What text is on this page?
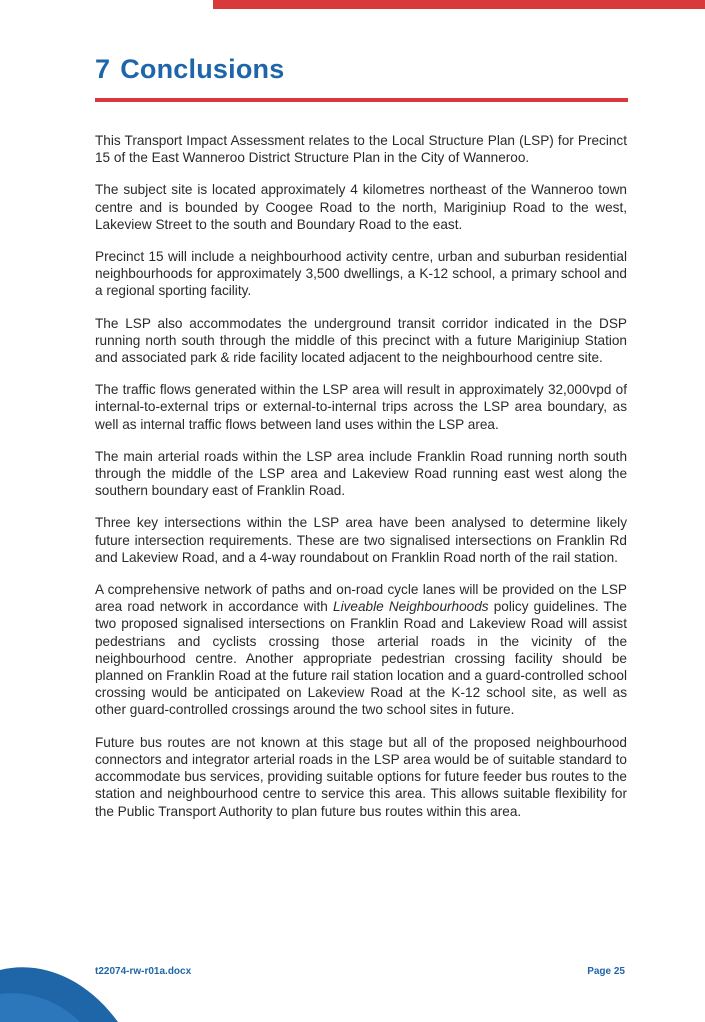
7 Conclusions

This Transport Impact Assessment relates to the Local Structure Plan (LSP) for Precinct 15 of the East Wanneroo District Structure Plan in the City of Wanneroo.

The subject site is located approximately 4 kilometres northeast of the Wanneroo town centre and is bounded by Coogee Road to the north, Mariginiup Road to the west, Lakeview Street to the south and Boundary Road to the east.

Precinct 15 will include a neighbourhood activity centre, urban and suburban residential neighbourhoods for approximately 3,500 dwellings, a K-12 school, a primary school and a regional sporting facility.

The LSP also accommodates the underground transit corridor indicated in the DSP running north south through the middle of this precinct with a future Mariginiup Station and associated park & ride facility located adjacent to the neighbourhood centre site.

The traffic flows generated within the LSP area will result in approximately 32,000vpd of internal-to-external trips or external-to-internal trips across the LSP area boundary, as well as internal traffic flows between land uses within the LSP area.

The main arterial roads within the LSP area include Franklin Road running north south through the middle of the LSP area and Lakeview Road running east west along the southern boundary east of Franklin Road.

Three key intersections within the LSP area have been analysed to determine likely future intersection requirements. These are two signalised intersections on Franklin Rd and Lakeview Road, and a 4-way roundabout on Franklin Road north of the rail station.

A comprehensive network of paths and on-road cycle lanes will be provided on the LSP area road network in accordance with Liveable Neighbourhoods policy guidelines. The two proposed signalised intersections on Franklin Road and Lakeview Road will assist pedestrians and cyclists crossing those arterial roads in the vicinity of the neighbourhood centre. Another appropriate pedestrian crossing facility should be planned on Franklin Road at the future rail station location and a guard-controlled school crossing would be anticipated on Lakeview Road at the K-12 school site, as well as other guard-controlled crossings around the two school sites in future.

Future bus routes are not known at this stage but all of the proposed neighbourhood connectors and integrator arterial roads in the LSP area would be of suitable standard to accommodate bus services, providing suitable options for future feeder bus routes to the station and neighbourhood centre to service this area. This allows suitable flexibility for the Public Transport Authority to plan future bus routes within this area.

t22074-rw-r01a.docx	Page 25
